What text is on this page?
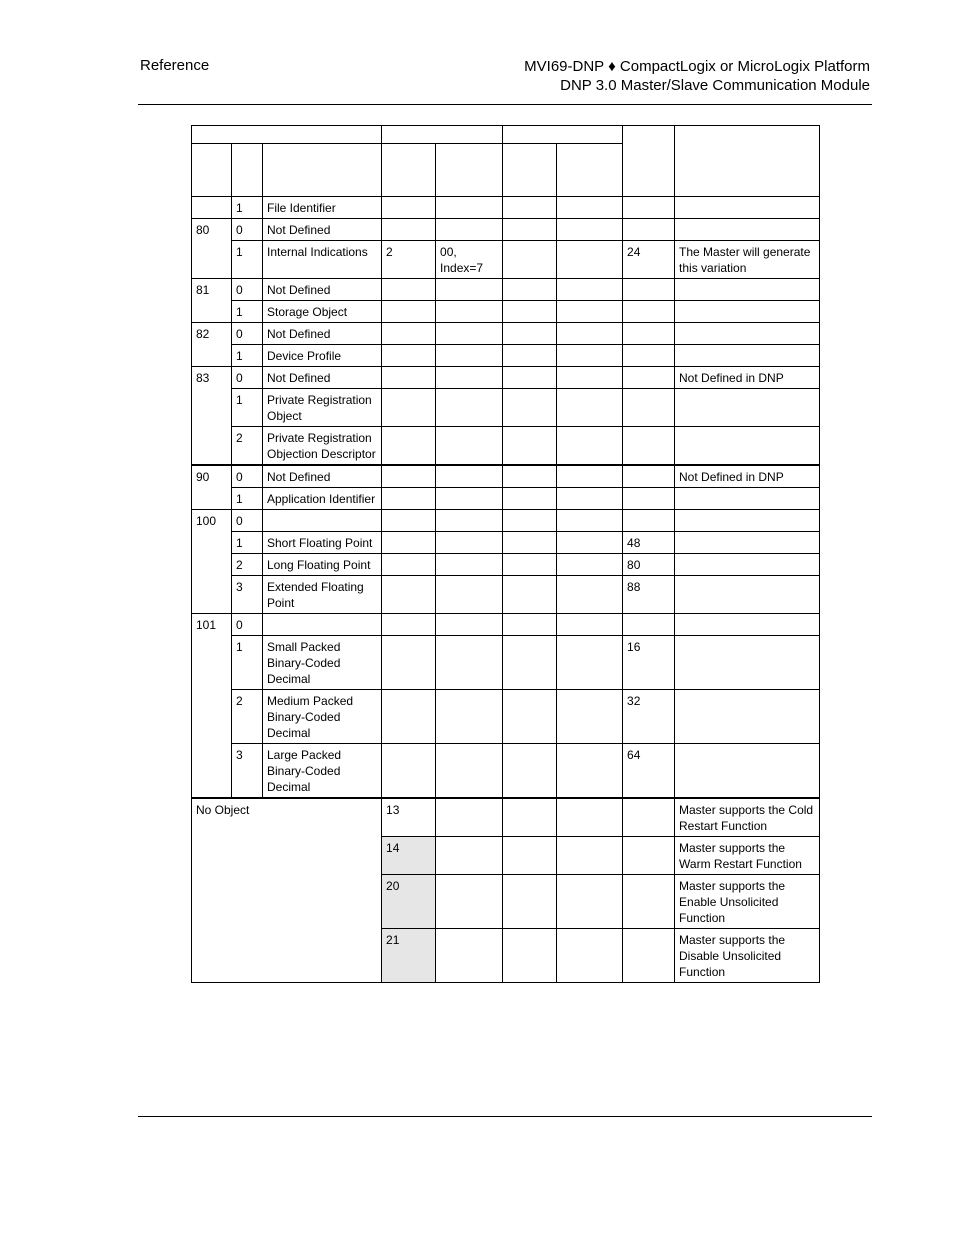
Reference	MVI69-DNP ♦ CompactLogix or MicroLogix Platform
DNP 3.0 Master/Slave Communication Module

	1	File Identifier						
80	0	Not Defined						
	1	Internal Indications	2	00, Index=7			24	The Master will generate this variation
81	0	Not Defined						
	1	Storage Object						
82	0	Not Defined						
	1	Device Profile						
83	0	Not Defined						Not Defined in DNP
	1	Private Registration Object						
	2	Private Registration Objection Descriptor						
90	0	Not Defined						Not Defined in DNP
	1	Application Identifier						
100	0							
	1	Short Floating Point					48	
	2	Long Floating Point					80	
	3	Extended Floating Point					88	
101	0							
	1	Small Packed Binary-Coded Decimal					16	
	2	Medium Packed Binary-Coded Decimal					32	
	3	Large Packed Binary-Coded Decimal					64	
No Object			13					Master supports the Cold Restart Function
			14					Master supports the Warm Restart Function
			20					Master supports the Enable Unsolicited Function
			21					Master supports the Disable Unsolicited Function
